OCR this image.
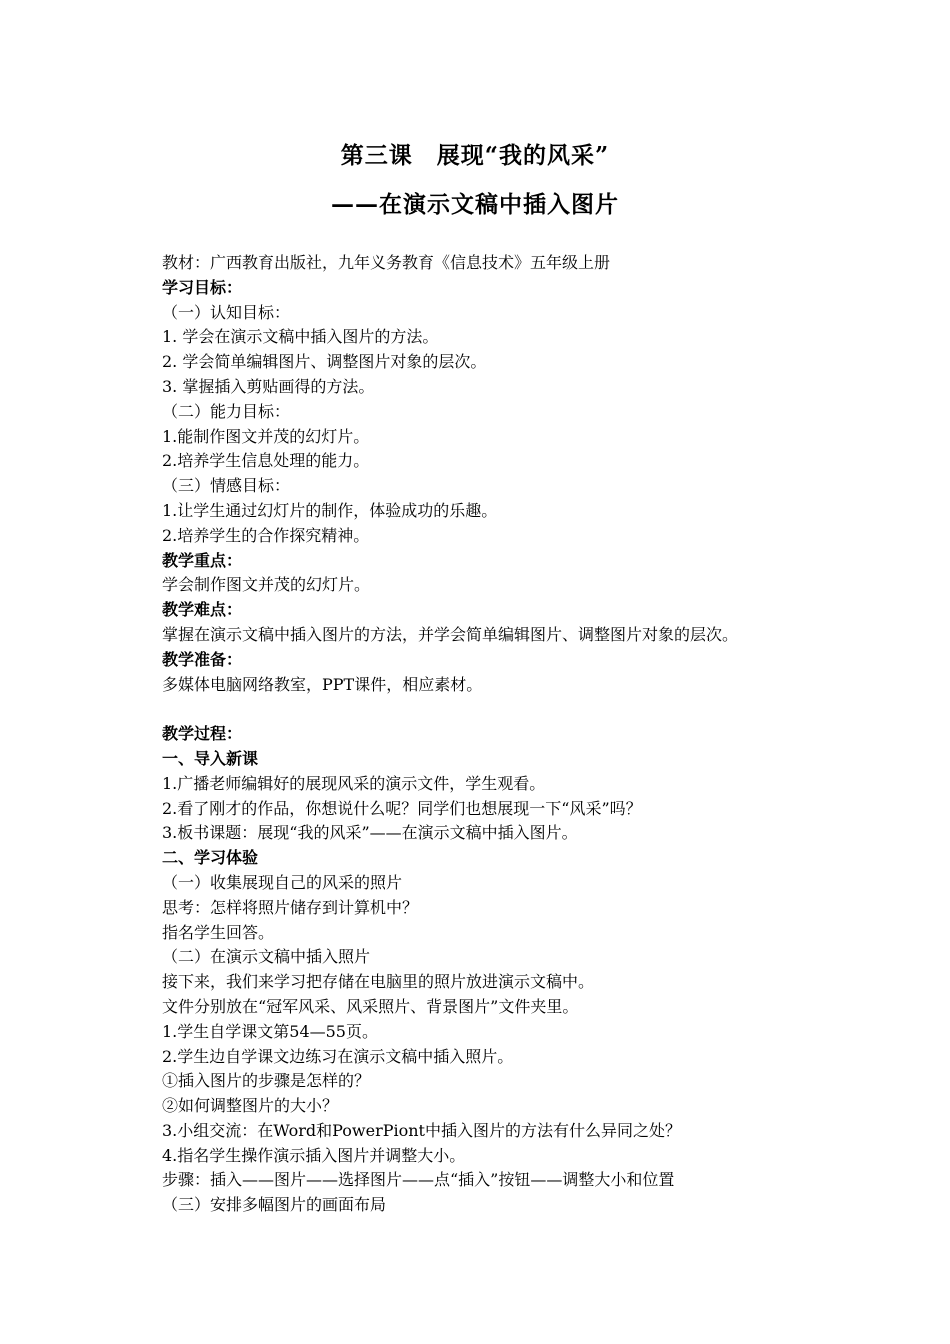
第三课　展现“我的风采”
——在演示文稿中插入图片
教材：广西教育出版社，九年义务教育《信息技术》五年级上册
学习目标：
（一）认知目标：
1. 学会在演示文稿中插入图片的方法。
2. 学会简单编辑图片、调整图片对象的层次。
3. 掌握插入剪贴画得的方法。
（二）能力目标：
1.能制作图文并茂的幻灯片。
2.培养学生信息处理的能力。
（三）情感目标：
1.让学生通过幻灯片的制作，体验成功的乐趣。
2.培养学生的合作探究精神。
教学重点：
学会制作图文并茂的幻灯片。
教学难点：
掌握在演示文稿中插入图片的方法，并学会简单编辑图片、调整图片对象的层次。
教学准备：
多媒体电脑网络教室，PPT课件，相应素材。
教学过程：
一、导入新课
1.广播老师编辑好的展现风采的演示文件，学生观看。
2.看了刚才的作品，你想说什么呢？同学们也想展现一下“风采”吗？
3.板书课题：展现“我的风采”——在演示文稿中插入图片。
二、学习体验
（一）收集展现自己的风采的照片
思考：怎样将照片储存到计算机中？
指名学生回答。
（二）在演示文稿中插入照片
接下来，我们来学习把存储在电脑里的照片放进演示文稿中。
文件分别放在“冠军风采、风采照片、背景图片”文件夹里。
1.学生自学课文第54—55页。
2.学生边自学课文边练习在演示文稿中插入照片。
①插入图片的步骤是怎样的？
②如何调整图片的大小？
3.小组交流：在Word和PowerPiont中插入图片的方法有什么异同之处？
4.指名学生操作演示插入图片并调整大小。
步骤：插入——图片——选择图片——点“插入”按钮——调整大小和位置
（三）安排多幅图片的画面布局
